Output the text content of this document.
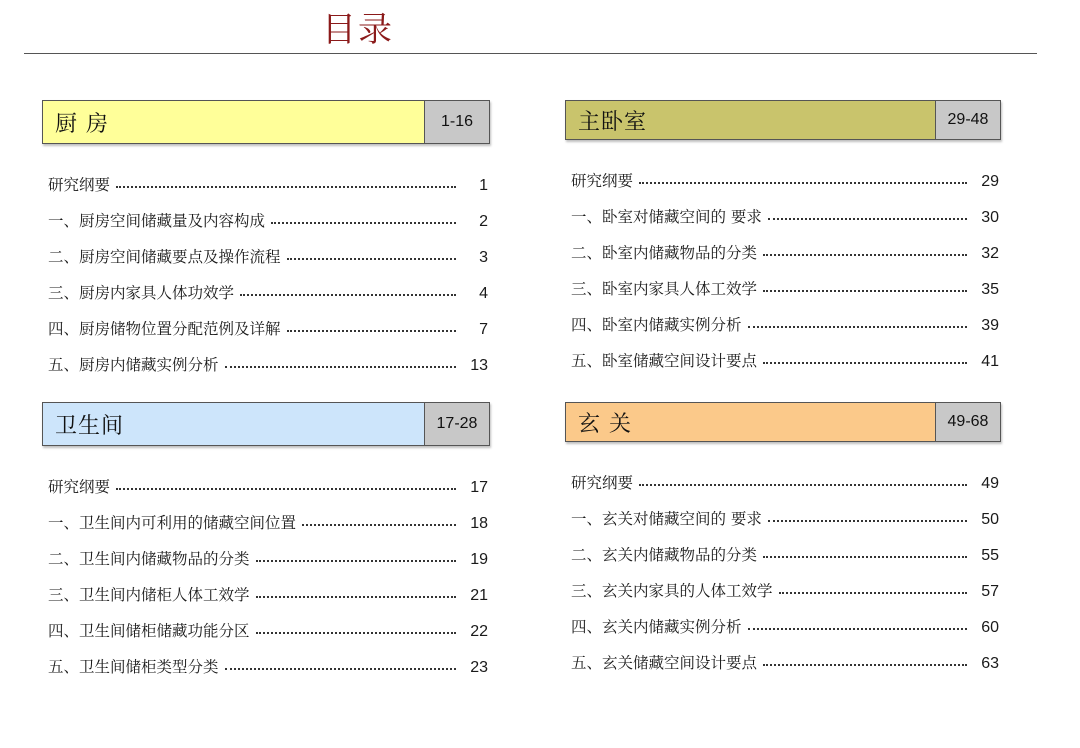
目录
厨 房	1-16
研究纲要	1
一、厨房空间储藏量及内容构成	2
二、厨房空间储藏要点及操作流程	3
三、厨房内家具人体功效学	4
四、厨房储物位置分配范例及详解	7
五、厨房内储藏实例分析	13
主卧室	29-48
研究纲要	29
一、卧室对储藏空间的 要求	30
二、卧室内储藏物品的分类	32
三、卧室内家具人体工效学	35
四、卧室内储藏实例分析	39
五、卧室储藏空间设计要点	41
卫生间	17-28
研究纲要	17
一、卫生间内可利用的储藏空间位置	18
二、卫生间内储藏物品的分类	19
三、卫生间内储柜人体工效学	21
四、卫生间储柜储藏功能分区	22
五、卫生间储柜类型分类	23
玄 关	49-68
研究纲要	49
一、玄关对储藏空间的 要求	50
二、玄关内储藏物品的分类	55
三、玄关内家具的人体工效学	57
四、玄关内储藏实例分析	60
五、玄关储藏空间设计要点	63
